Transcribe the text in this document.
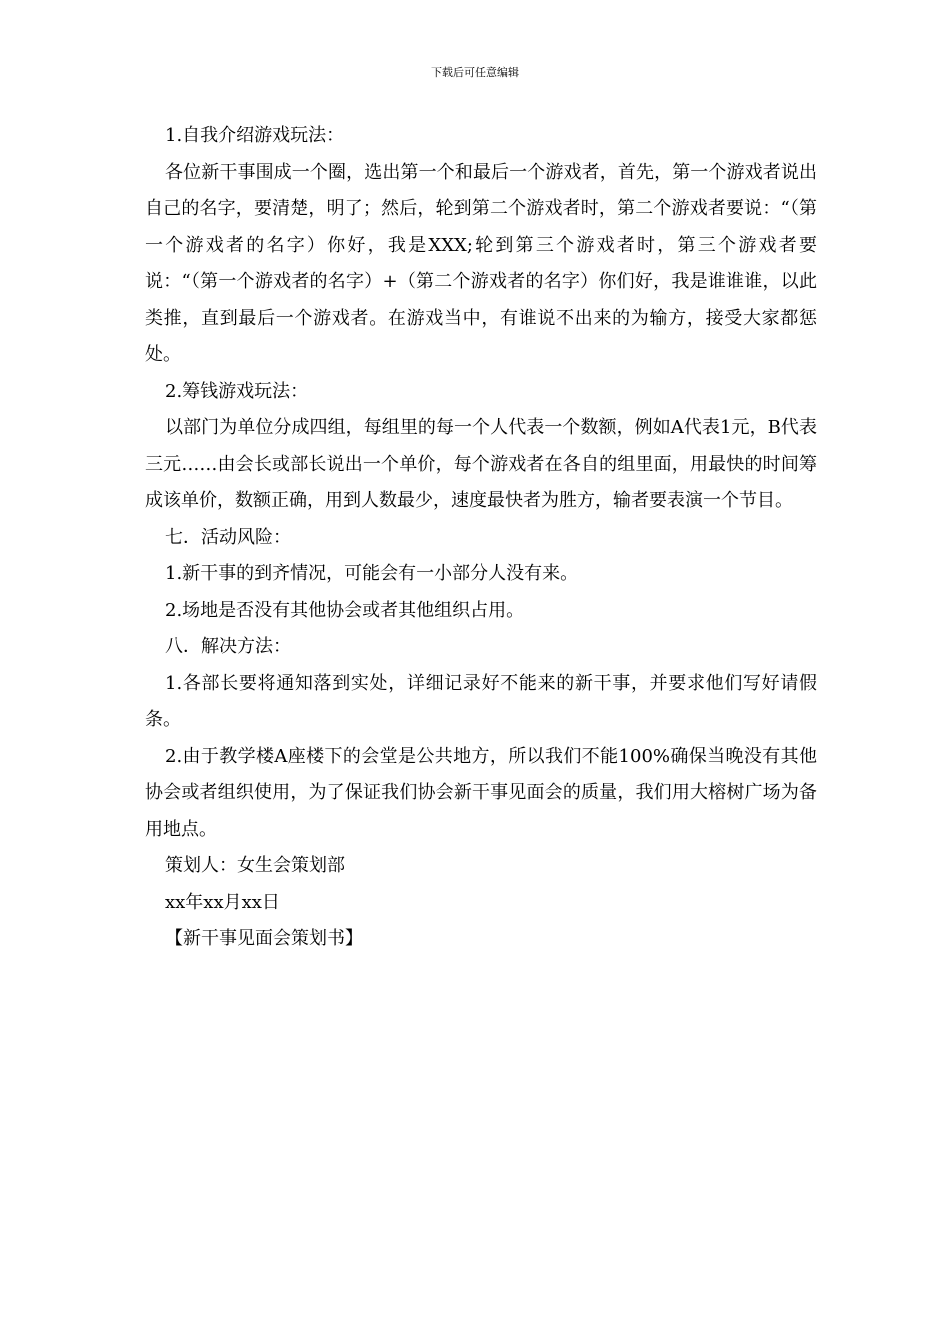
下载后可任意编辑

1.自我介绍游戏玩法：

各位新干事围成一个圈，选出第一个和最后一个游戏者，首先，第一个游戏者说出自己的名字，要清楚，明了；然后，轮到第二个游戏者时，第二个游戏者要说：“（第一个游戏者的名字）你好，我是XXX;轮到第三个游戏者时，第三个游戏者要说：“（第一个游戏者的名字）+（第二个游戏者的名字）你们好，我是谁谁谁，以此类推，直到最后一个游戏者。在游戏当中，有谁说不出来的为输方，接受大家都惩处。

2.筹钱游戏玩法：

以部门为单位分成四组，每组里的每一个人代表一个数额，例如A代表1元，B代表三元……由会长或部长说出一个单价，每个游戏者在各自的组里面，用最快的时间筹成该单价，数额正确，用到人数最少，速度最快者为胜方，输者要表演一个节目。

七．活动风险：

1.新干事的到齐情况，可能会有一小部分人没有来。

2.场地是否没有其他协会或者其他组织占用。

八．解决方法：

1.各部长要将通知落到实处，详细记录好不能来的新干事，并要求他们写好请假条。

2.由于教学楼A座楼下的会堂是公共地方，所以我们不能100%确保当晚没有其他协会或者组织使用，为了保证我们协会新干事见面会的质量，我们用大榕树广场为备用地点。

策划人：女生会策划部

xx年xx月xx日

【新干事见面会策划书】
